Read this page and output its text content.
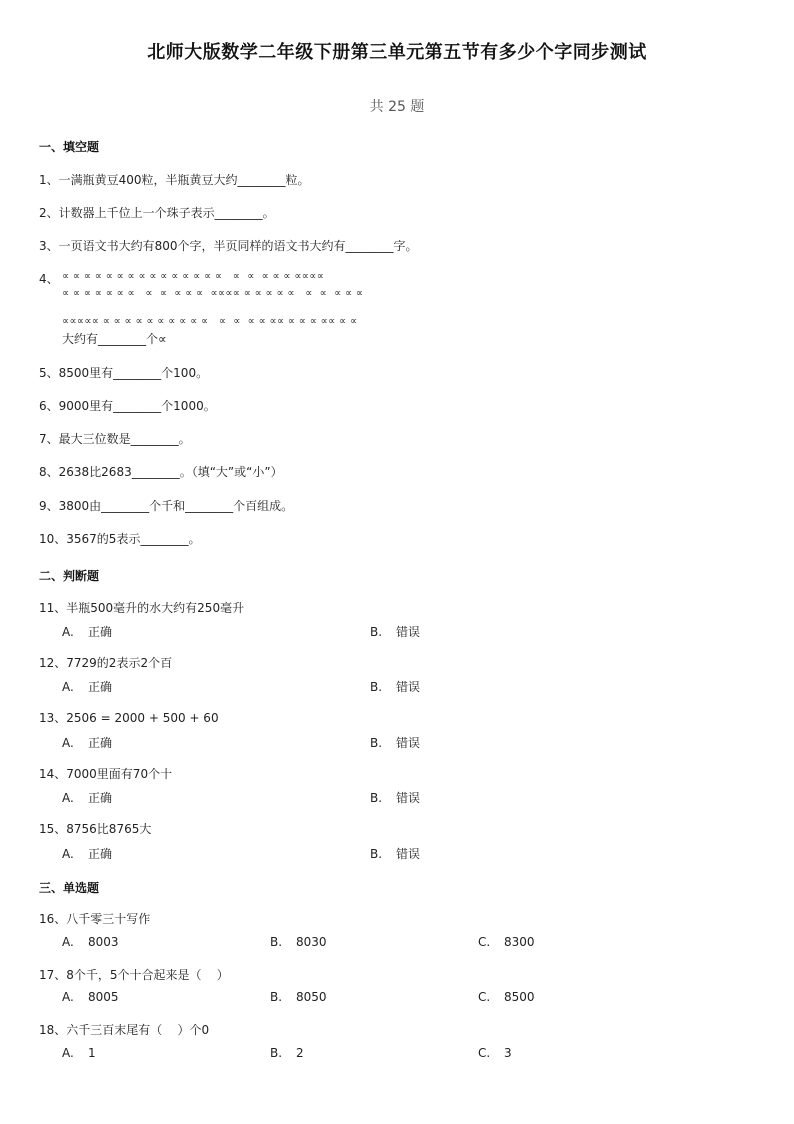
北师大版数学二年级下册第三单元第五节有多少个字同步测试
共 25 题
一、填空题
1、一满瓶黄豆400粒，半瓶黄豆大约________粒。
2、计数器上千位上一个珠子表示________。
3、一页语文书大约有800个字，半页同样的语文书大约有________字。
4、 ∝ ∝ ∝ ∝ ∝ ∝ ∝ ∝ ∝ ∝ ∝ ∝ ∝ ∝ ∝   ∝  ∝  ∝ ∝ ∝ ∝∝∝∝
∝ ∝ ∝ ∝ ∝ ∝ ∝   ∝  ∝  ∝ ∝ ∝  ∝∝∝∝ ∝ ∝ ∝ ∝ ∝   ∝  ∝  ∝ ∝ ∝
∝∝∝∝∝ ∝ ∝ ∝ ∝ ∝ ∝ ∝ ∝ ∝ ∝   ∝  ∝  ∝ ∝ ∝∝ ∝ ∝ ∝ ∝∝ ∝ ∝
大约有________个∝
5、8500里有________个100。
6、9000里有________个1000。
7、最大三位数是________。
8、2638比2683________。（填“大”或“小”）
9、3800由________个千和________个百组成。
10、3567的5表示________。
二、判断题
11、半瓶500毫升的水大约有250毫升
A. 正确	B. 错误
12、7729的2表示2个百
A. 正确	B. 错误
13、2506 = 2000 + 500 + 60
A. 正确	B. 错误
14、7000里面有70个十
A. 正确	B. 错误
15、8756比8765大
A. 正确	B. 错误
三、单选题
16、八千零三十写作
A. 8003	B. 8030	C. 8300
17、8个千，5个十合起来是（    ）
A. 8005	B. 8050	C. 8500
18、六千三百末尾有（    ）个0
A. 1	B. 2	C. 3
